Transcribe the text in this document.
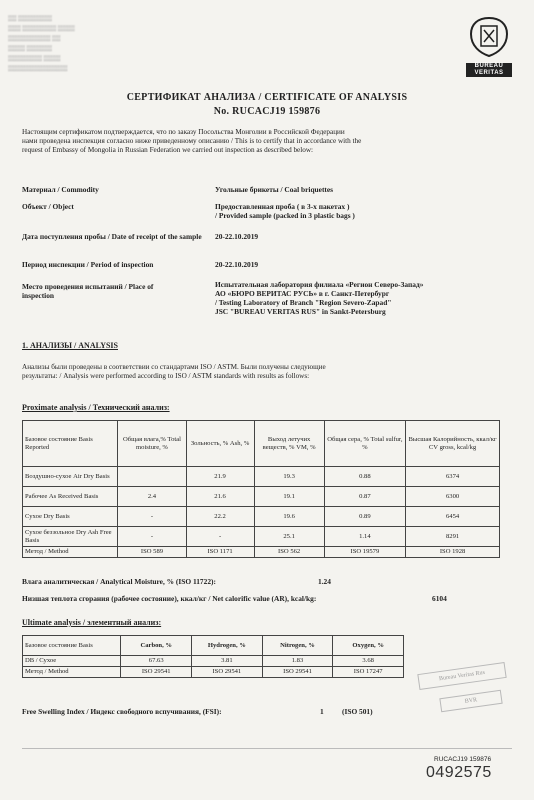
▒▒ ▒▒▒▒▒▒▒▒
▒▒▒ ▒▒▒▒▒▒▒▒ ▒▒▒▒
▒▒▒▒▒▒▒▒▒▒ ▒▒
▒▒▒▒ ▒▒▒▒▒▒
▒▒▒▒▒▒▒▒ ▒▒▒▒
▒▒▒▒▒▒▒▒▒▒▒▒▒▒	BUREAU
VERITAS
СЕРТИФИКАТ АНАЛИЗА / CERTIFICATE OF ANALYSIS
No. RUCACJ19 159876
Настоящим сертификатом подтверждается, что по заказу Посольства Монголии в Российской Федерации
нами проведена инспекция согласно ниже приведенному описанию / This is to certify that in accordance with the
request of Embassy of Mongolia in Russian Federation we carried out inspection as described below:
Материал / Commodity	Угольные брикеты / Coal briquettes
Объект / Object	Предоставленная проба ( в 3-х пакетах )
/ Provided sample (packed in 3 plastic bags )
Дата поступления пробы / Date of receipt of the sample	20-22.10.2019
Период инспекции / Period of inspection	20-22.10.2019
Место проведения испытаний / Place of inspection
Испытательная лаборатория филиала «Регион Северо-Запад»
АО «БЮРО ВЕРИТАС РУСЬ» в г. Санкт-Петербург
/ Testing Laboratory of Branch "Region Severo-Zapad"
JSC "BUREAU VERITAS RUS" in Sankt-Petersburg
1. АНАЛИЗЫ / ANALYSIS
Анализы были проведены в соответствии со стандартами ISO / ASTM. Были получены следующие
результаты: / Analysis were performed according to ISO / ASTM standards with results as follows:
Proximate analysis / Технический анализ:
Базовое состояние Basis Reported	Общая влага,% Total moisture, %	Зольность, % Ash, %	Выход летучих веществ, % VM, %	Общая сера, % Total sulfur, %	Высшая Калорийность, ккал/кг CV gross, kcal/kg
Воздушно-сухое Air Dry Basis		21.9	19.3	0.88	6374
Рабочее As Received Basis	2.4	21.6	19.1	0.87	6300
Сухое Dry Basis	-	22.2	19.6	0.89	6454
Сухое беззольное Dry Ash Free Basis	-	-	25.1	1.14	8291
Метод / Method	ISO 589	ISO 1171	ISO 562	ISO 19579	ISO 1928
Влага аналитическая / Analytical Moisture, % (ISO 11722):	1.24
Низшая теплота сгорания (рабочее состояние), ккал/кг / Net calorific value (AR), kcal/kg:	6104
Ultimate analysis / элементный анализ:
Базовое состояние Basis	Carbon, %	Hydrogen, %	Nitrogen, %	Oxygen, %
DB / Сухое	67.63	3.81	1.83	3.68
Метод / Method	ISO 29541	ISO 29541	ISO 29541	ISO 17247	Bureau Veritas Rus
BVR
Free Swelling Index / Индекс свободного вспучивания, (FSI):	1 (ISO 501)
RUCACJ19 159876
0492575
